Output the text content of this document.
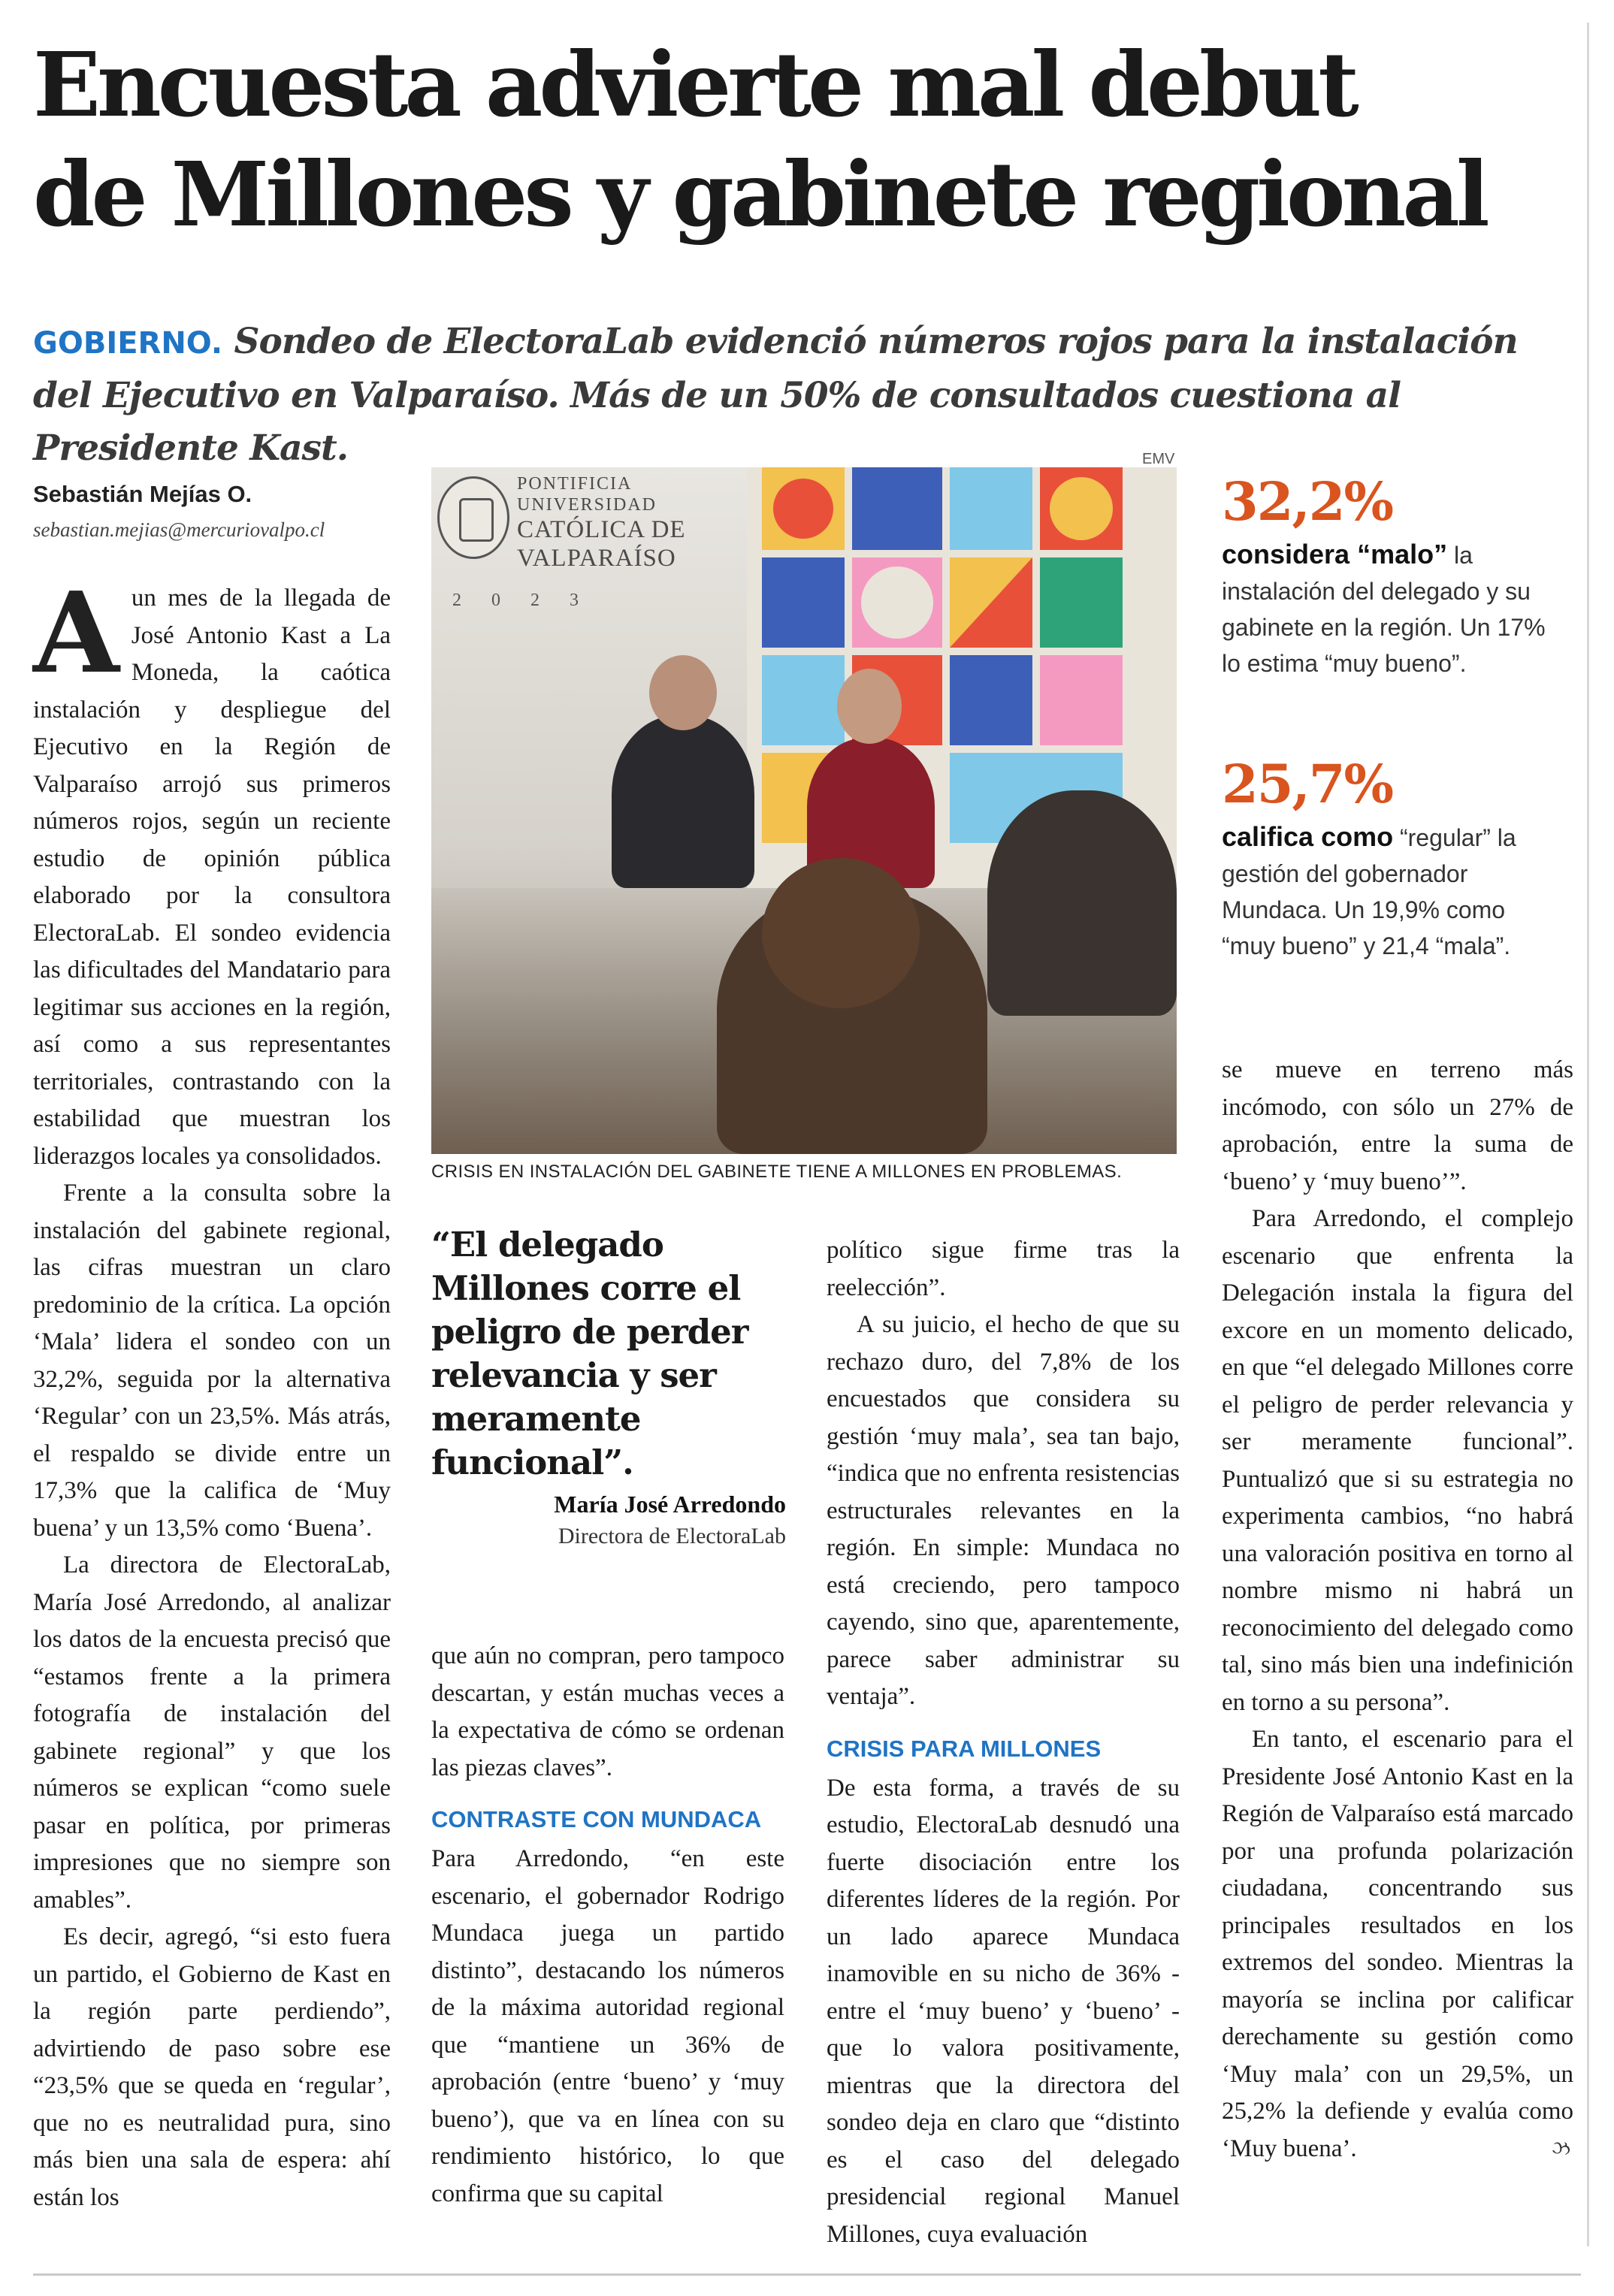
Encuesta advierte mal debut
de Millones y gabinete regional
GOBIERNO. Sondeo de ElectoraLab evidenció números rojos para la instalación del Ejecutivo en Valparaíso. Más de un 50% de consultados cuestiona al Presidente Kast.
Sebastián Mejías O.
sebastian.mejias@mercuriovalpo.cl

Aun mes de la llegada de José Antonio Kast a La Moneda, la caótica instalación y despliegue del Ejecutivo en la Región de Valparaíso arrojó sus primeros números rojos, según un reciente estudio de opinión pública elaborado por la consultora ElectoraLab. El sondeo evidencia las dificultades del Mandatario para legitimar sus acciones en la región, así como a sus representantes territoriales, contrastando con la estabilidad que muestran los liderazgos locales ya consolidados.

Frente a la consulta sobre la instalación del gabinete regional, las cifras muestran un claro predominio de la crítica. La opción ‘Mala’ lidera el sondeo con un 32,2%, seguida por la alternativa ‘Regular’ con un 23,5%. Más atrás, el respaldo se divide entre un 17,3% que la califica de ‘Muy buena’ y un 13,5% como ‘Buena’.

La directora de ElectoraLab, María José Arredondo, al analizar los datos de la encuesta precisó que “estamos frente a la primera fotografía de instalación del gabinete regional” y que los números se explican “como suele pasar en política, por primeras impresiones que no siempre son amables”.

Es decir, agregó, “si esto fuera un partido, el Gobierno de Kast en la región parte perdiendo”, advirtiendo de paso sobre ese “23,5% que se queda en ‘regular’, que no es neutralidad pura, sino más bien una sala de espera: ahí están los

EMV
PONTIFICIA
UNIVERSIDAD
CATÓLICA DE
VALPARAÍSO
2023
CRISIS EN INSTALACIÓN DEL GABINETE TIENE A MILLONES EN PROBLEMAS.
32,2%
considera “malo” la instalación del delegado y su gabinete en la región. Un 17% lo estima “muy bueno”.
25,7%
califica como “regular” la gestión del gobernador Mundaca. Un 19,9% como “muy bueno” y 21,4 “mala”.
“El delegado Millones corre el peligro de perder relevancia y ser meramente funcional”.
María José Arredondo
Directora de ElectoraLab

que aún no compran, pero tampoco descartan, y están muchas veces a la expectativa de cómo se ordenan las piezas claves”.

CONTRASTE CON MUNDACA

Para Arredondo, “en este escenario, el gobernador Rodrigo Mundaca juega un partido distinto”, destacando los números de la máxima autoridad regional que “mantiene un 36% de aprobación (entre ‘bueno’ y ‘muy bueno’), que va en línea con su rendimiento histórico, lo que confirma que su capital

político sigue firme tras la reelección”.

A su juicio, el hecho de que su rechazo duro, del 7,8% de los encuestados que considera su gestión ‘muy mala’, sea tan bajo, “indica que no enfrenta resistencias estructurales relevantes en la región. En simple: Mundaca no está creciendo, pero tampoco cayendo, sino que, aparentemente, parece saber administrar su ventaja”.

CRISIS PARA MILLONES

De esta forma, a través de su estudio, ElectoraLab desnudó una fuerte disociación entre los diferentes líderes de la región. Por un lado aparece Mundaca inamovible en su nicho de 36% - entre el ‘muy bueno’ y ‘bueno’ - que lo valora positivamente, mientras que la directora del sondeo deja en claro que “distinto es el caso del delegado presidencial regional Manuel Millones, cuya evaluación

se mueve en terreno más incómodo, con sólo un 27% de aprobación, entre la suma de ‘bueno’ y ‘muy bueno’”.

Para Arredondo, el complejo escenario que enfrenta la Delegación instala la figura del excore en un momento delicado, en que “el delegado Millones corre el peligro de perder relevancia y ser meramente funcional”. Puntualizó que si su estrategia no experimenta cambios, “no habrá una valoración positiva en torno al nombre mismo ni habrá un reconocimiento del delegado como tal, sino más bien una indefinición en torno a su persona”.

En tanto, el escenario para el Presidente José Antonio Kast en la Región de Valparaíso está marcado por una profunda polarización ciudadana, concentrando sus principales resultados en los extremos del sondeo. Mientras la mayoría se inclina por calificar derechamente su gestión como ‘Muy mala’ con un 29,5%, un 25,2% la defiende y evalúa como ‘Muy buena’.	ઝ
